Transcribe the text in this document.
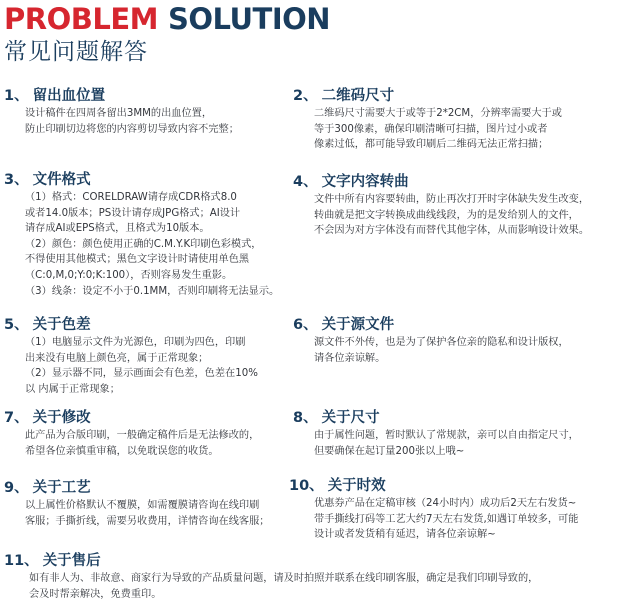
PROBLEM SOLUTION
常见问题解答
1、 留出血位置
设计稿件在四周各留出3MM的出血位置，
防止印刷切边将您的内容剪切导致内容不完整；
2、 二维码尺寸
二维码尺寸需要大于或等于2*2CM，分辨率需要大于或
等于300像素，确保印刷清晰可扫描，图片过小或者
像素过低，都可能导致印刷后二维码无法正常扫描；
3、 文件格式
（1）格式：CORELDRAW请存成CDR格式8.0
或者14.0版本；PS设计请存成JPG格式；AI设计
请存成AI或EPS格式，且格式为10版本。
（2）颜色：颜色使用正确的C.M.Y.K印刷色彩模式，
不得使用其他模式；黑色文字设计时请使用单色黑
（C:0,M,0;Y:0;K:100），否则容易发生重影。
（3）线条：设定不小于0.1MM，否则印刷将无法显示。
4、 文字内容转曲
文件中所有内容要转曲，防止再次打开时字体缺失发生改变，
转曲就是把文字转换成曲线线段，为的是发给别人的文件，
不会因为对方字体没有而替代其他字体，从而影响设计效果。
5、 关于色差
（1）电脑显示文件为光源色，印刷为四色，印刷
出来没有电脑上颜色亮，属于正常现象；
（2）显示器不同，显示画面会有色差，色差在10%
以 内属于正常现象；
6、 关于源文件
源文件不外传，也是为了保护各位亲的隐私和设计版权，
请各位亲谅解。
7、 关于修改
此产品为合版印刷，一般确定稿件后是无法修改的，
希望各位亲慎重审稿，以免耽误您的收货。
8、 关于尺寸
由于属性问题，暂时默认了常规款，亲可以自由指定尺寸，
但要确保在起订量200张以上哦~
9、 关于工艺
以上属性价格默认不覆膜，如需覆膜请咨询在线印刷
客服；手撕折线，需要另收费用，详情咨询在线客服；
10、 关于时效
优惠券产品在定稿审核（24小时内）成功后2天左右发货~
带手撕线打码等工艺大约7天左右发货,如遇订单较多，可能
设计或者发货稍有延迟，请各位亲谅解~
11、 关于售后
如有非人为、非故意、商家行为导致的产品质量问题，请及时拍照并联系在线印刷客服，确定是我们印刷导致的，
会及时帮亲解决，免费重印。
